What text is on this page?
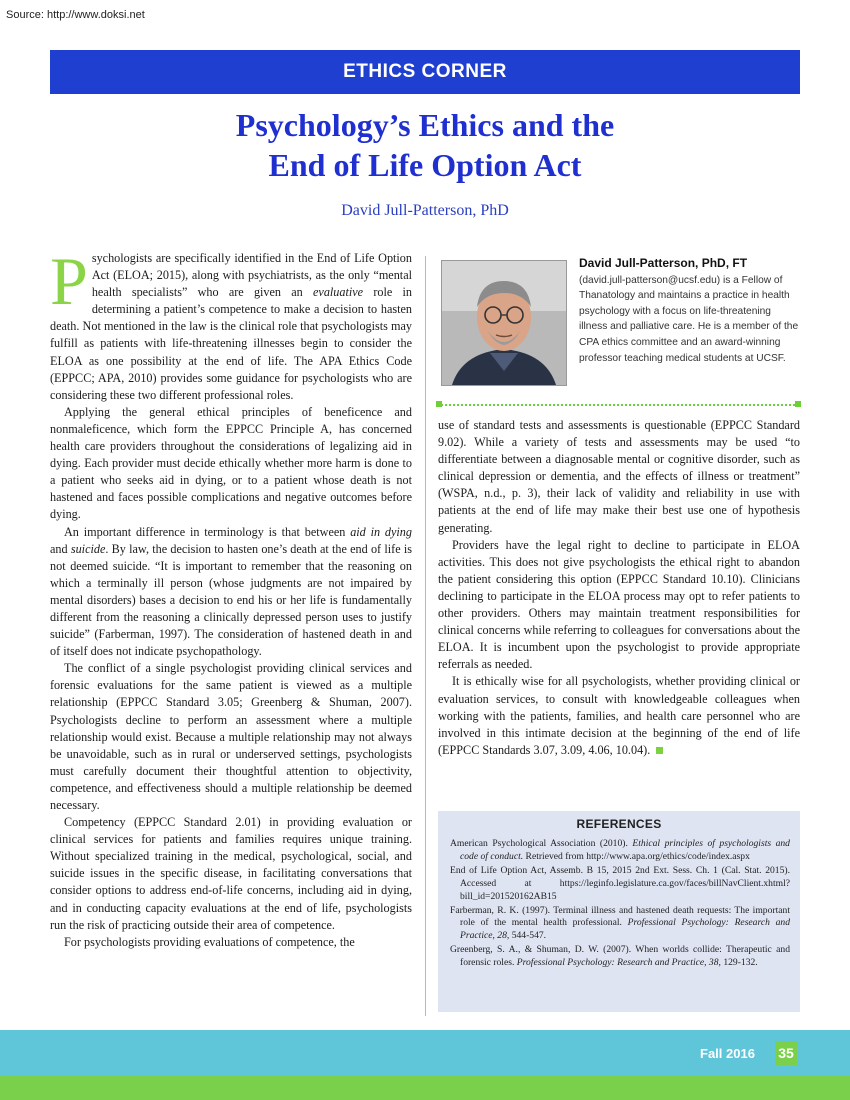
Source: http://www.doksi.net
ETHICS CORNER
Psychology’s Ethics and the
End of Life Option Act
David Jull-Patterson, PhD

Psychologists are specifically identified in the End of Life Option Act (ELOA; 2015), along with psychiatrists, as the only “mental health specialists” who are given an evaluative role in determining a patient’s competence to make a decision to hasten death. Not mentioned in the law is the clinical role that psychologists may fulfill as patients with life-threatening illnesses begin to consider the ELOA as one possibility at the end of life. The APA Ethics Code (EPPCC; APA, 2010) provides some guidance for psychologists who are considering these two different professional roles.

Applying the general ethical principles of beneficence and nonmaleficence, which form the EPPCC Principle A, has concerned health care providers throughout the considerations of legalizing aid in dying. Each provider must decide ethically whether more harm is done to a patient who seeks aid in dying, or to a patient whose death is not hastened and faces possible complications and negative outcomes before dying.

An important difference in terminology is that between aid in dying and suicide. By law, the decision to hasten one’s death at the end of life is not deemed suicide. “It is important to remember that the reasoning on which a terminally ill person (whose judgments are not impaired by mental disorders) bases a decision to end his or her life is fundamentally different from the reasoning a clinically depressed person uses to justify suicide” (Farberman, 1997). The consideration of hastened death in and of itself does not indicate psychopathology.

The conflict of a single psychologist providing clinical services and forensic evaluations for the same patient is viewed as a multiple relationship (EPPCC Standard 3.05; Greenberg & Shuman, 2007). Psychologists decline to perform an assessment where a multiple relationship would exist. Because a multiple relationship may not always be unavoidable, such as in rural or underserved settings, psychologists must carefully document their thoughtful attention to objectivity, competence, and effectiveness should a multiple relationship be deemed necessary.

Competency (EPPCC Standard 2.01) in providing evaluation or clinical services for patients and families requires unique training. Without specialized training in the medical, psychological, social, and suicide issues in the specific disease, in facilitating conversations that consider options to address end-of-life concerns, including aid in dying, and in conducting capacity evaluations at the end of life, psychologists run the risk of practicing outside their area of competence.

For psychologists providing evaluations of competence, the

David Jull-Patterson, PhD, FT
(david.jull-patterson@ucsf.edu) is a Fellow of Thanatology and maintains a practice in health psychology with a focus on life-threatening illness and palliative care. He is a member of the CPA ethics committee and an award-winning professor teaching medical students at UCSF.

use of standard tests and assessments is questionable (EPPCC Standard 9.02). While a variety of tests and assessments may be used “to differentiate between a diagnosable mental or cognitive disorder, such as clinical depression or dementia, and the effects of illness or treatment” (WSPA, n.d., p. 3), their lack of validity and reliability in use with patients at the end of life may make their best use one of hypothesis generating.

Providers have the legal right to decline to participate in ELOA activities. This does not give psychologists the ethical right to abandon the patient considering this option (EPPCC Standard 10.10). Clinicians declining to participate in the ELOA process may opt to refer patients to other providers. Others may maintain treatment responsibilities for clinical concerns while referring to colleagues for conversations about the ELOA. It is incumbent upon the psychologist to provide appropriate referrals as needed.

It is ethically wise for all psychologists, whether providing clinical or evaluation services, to consult with knowledgeable colleagues when working with the patients, families, and health care personnel who are involved in this intimate decision at the beginning of the end of life (EPPCC Standards 3.07, 3.09, 4.06, 10.04).

REFERENCES

American Psychological Association (2010). Ethical principles of psychologists and code of conduct. Retrieved from http://www.apa.org/ethics/code/index.aspx

End of Life Option Act, Assemb. B 15, 2015 2nd Ext. Sess. Ch. 1 (Cal. Stat. 2015). Accessed at https://leginfo.legislature.ca.gov/faces/billNavClient.xhtml?bill_id=201520162AB15

Farberman, R. K. (1997). Terminal illness and hastened death requests: The important role of the mental health professional. Professional Psychology: Research and Practice, 28, 544-547.

Greenberg, S. A., & Shuman, D. W. (2007). When worlds collide: Therapeutic and forensic roles. Professional Psychology: Research and Practice, 38, 129-132.

Fall 2016 35
